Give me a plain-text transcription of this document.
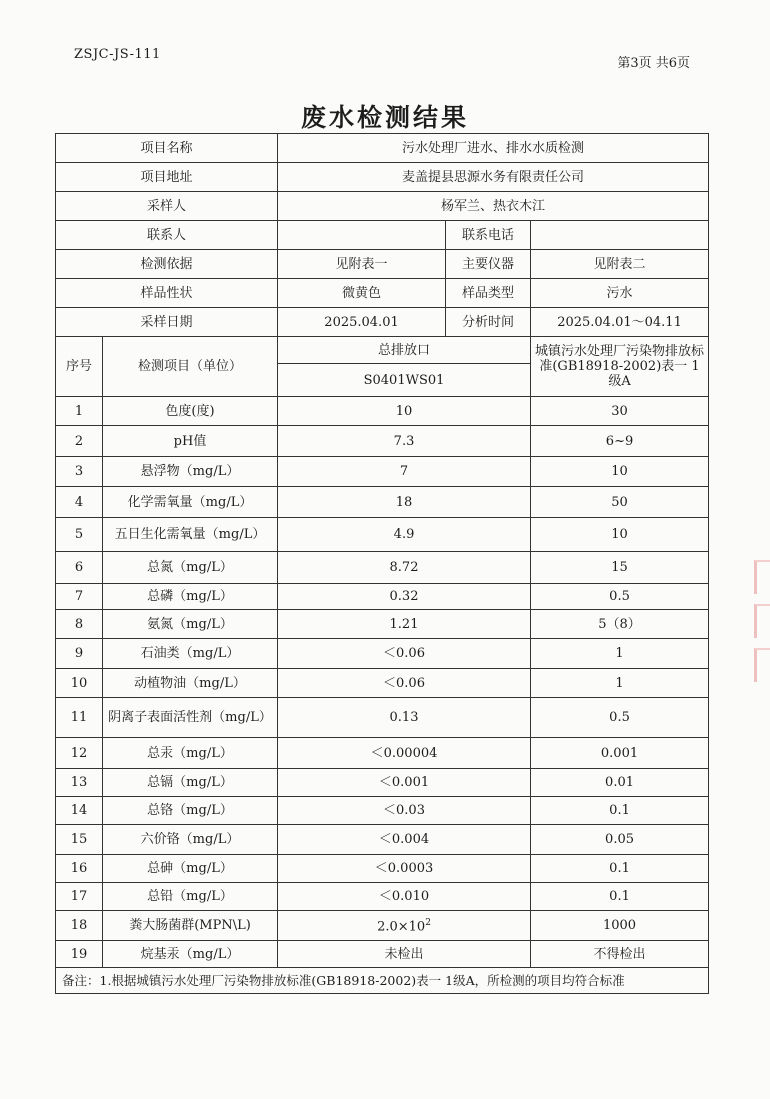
ZSJC-JS-111
第3页 共6页
废水检测结果
项目名称		污水处理厂进水、排水水质检测		
项目地址		麦盖提县思源水务有限责任公司		
采样人		杨军兰、热衣木江		
联系人			联系电话	
检测依据		见附表一	主要仪器	见附表二
样品性状		微黄色	样品类型	污水
采样日期		2025.04.01	分析时间	2025.04.01～04.11
序号	检测项目（单位）	总排放口		城镇污水处理厂污染物排放标准(GB18918-2002)表一 1级A
		S0401WS01		
1	色度(度)	10		30
2	pH值	7.3		6~9
3	悬浮物（mg/L）	7		10
4	化学需氧量（mg/L）	18		50
5	五日生化需氧量（mg/L）	4.9		10
6	总氮（mg/L）	8.72		15
7	总磷（mg/L）	0.32		0.5
8	氨氮（mg/L）	1.21		5（8）
9	石油类（mg/L）	＜0.06		1
10	动植物油（mg/L）	＜0.06		1
11	阴离子表面活性剂（mg/L）	0.13		0.5
12	总汞（mg/L）	＜0.00004		0.001
13	总镉（mg/L）	＜0.001		0.01
14	总铬（mg/L）	＜0.03		0.1
15	六价铬（mg/L）	＜0.004		0.05
16	总砷（mg/L）	＜0.0003		0.1
17	总铅（mg/L）	＜0.010		0.1
18	粪大肠菌群(MPN\L)	$2.0\times 10^2$		1000
19	烷基汞（mg/L）	未检出		不得检出
备注：1.根据城镇污水处理厂污染物排放标准(GB18918-2002)表一 1级A，所检测的项目均符合标准				
